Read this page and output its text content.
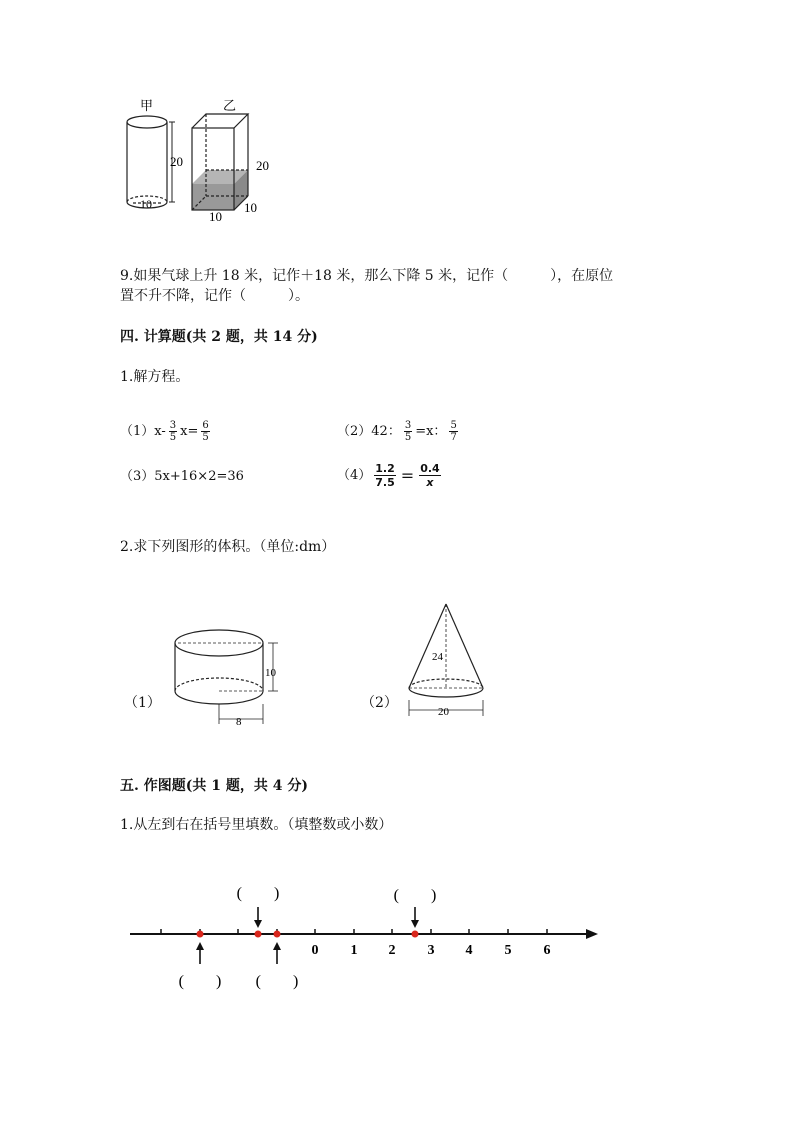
甲
20
10
乙
20
10
10
9.如果气球上升 18 米，记作＋18 米，那么下降 5 米，记作（　　　），在原位
置不升不降，记作（　　　）。
四. 计算题(共 2 题，共 14 分)
1.解方程。
$(1)x- \frac{3}{5} x= \frac{6}{5}$	（2）42： $\frac{3}{5} =x$： $\frac{5}{7}$
（3）5x+16×2=36	$(4) \frac{1.2}{7.5} = \frac{0.4}{x}$
2.求下列图形的体积。（单位:dm）
（1）
10
8
（2）
24
20
五. 作图题(共 1 题，共 4 分)
1.从左到右在括号里填数。（填整数或小数）
0 1 2 3 4 5 6
(　　)	(　　)
(　　) (　　)
